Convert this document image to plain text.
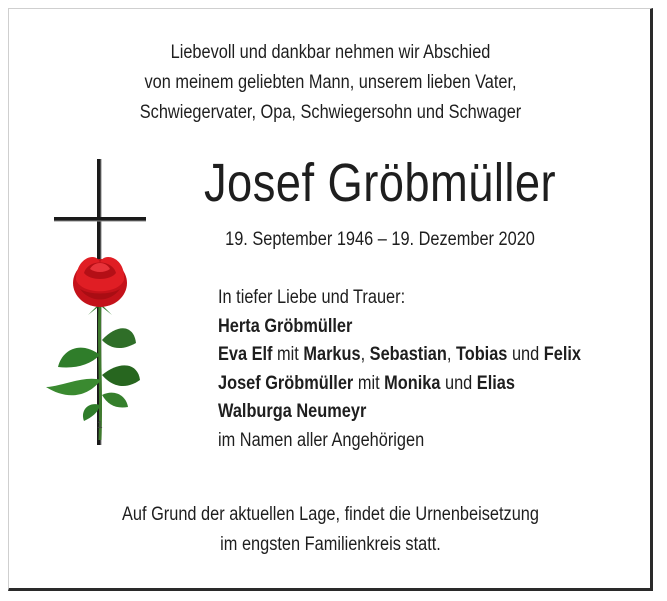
Liebevoll und dankbar nehmen wir Abschied
von meinem geliebten Mann, unserem lieben Vater,
Schwiegervater, Opa, Schwiegersohn und Schwager
1
Josef Gröbmüller
19. September 1946 – 19. Dezember 2020
In tiefer Liebe und Trauer:
Herta Gröbmüller
Eva Elf mit Markus, Sebastian, Tobias und Felix
Josef Gröbmüller mit Monika und Elias
Walburga Neumeyr
im Namen aller Angehörigen
Auf Grund der aktuellen Lage, findet die Urnenbeisetzung
im engsten Familienkreis statt.
